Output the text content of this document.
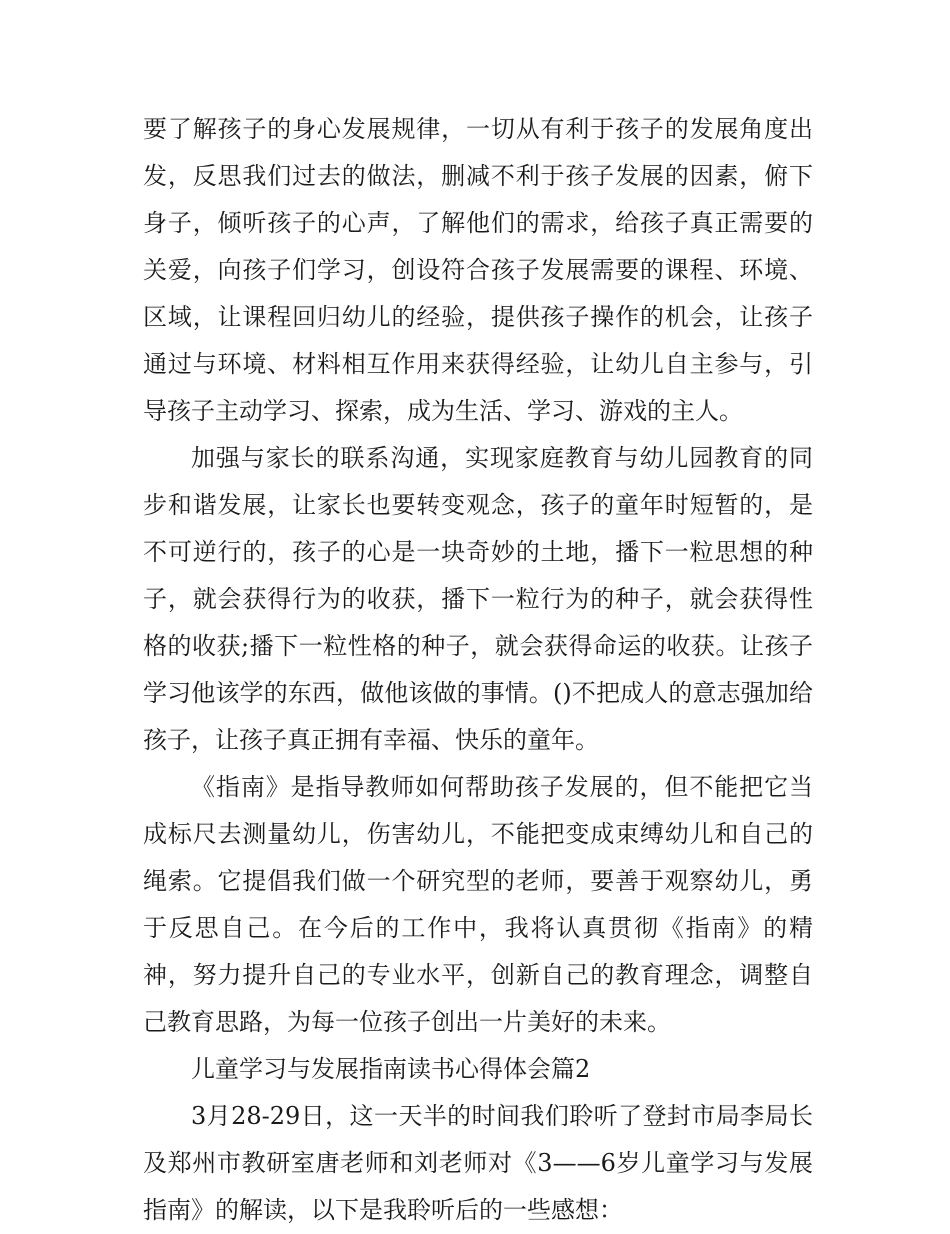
要了解孩子的身心发展规律，一切从有利于孩子的发展角度出发，反思我们过去的做法，删减不利于孩子发展的因素，俯下身子，倾听孩子的心声，了解他们的需求，给孩子真正需要的关爱，向孩子们学习，创设符合孩子发展需要的课程、环境、区域，让课程回归幼儿的经验，提供孩子操作的机会，让孩子通过与环境、材料相互作用来获得经验，让幼儿自主参与，引导孩子主动学习、探索，成为生活、学习、游戏的主人。

加强与家长的联系沟通，实现家庭教育与幼儿园教育的同步和谐发展，让家长也要转变观念，孩子的童年时短暂的，是不可逆行的，孩子的心是一块奇妙的土地，播下一粒思想的种子，就会获得行为的收获，播下一粒行为的种子，就会获得性格的收获;播下一粒性格的种子，就会获得命运的收获。让孩子学习他该学的东西，做他该做的事情。()不把成人的意志强加给孩子，让孩子真正拥有幸福、快乐的童年。

《指南》是指导教师如何帮助孩子发展的，但不能把它当成标尺去测量幼儿，伤害幼儿，不能把变成束缚幼儿和自己的绳索。它提倡我们做一个研究型的老师，要善于观察幼儿，勇于反思自己。在今后的工作中，我将认真贯彻《指南》的精神，努力提升自己的专业水平，创新自己的教育理念，调整自己教育思路，为每一位孩子创出一片美好的未来。

儿童学习与发展指南读书心得体会篇2

3月28-29日，这一天半的时间我们聆听了登封市局李局长及郑州市教研室唐老师和刘老师对《3——6岁儿童学习与发展指南》的解读，以下是我聆听后的一些感想：
